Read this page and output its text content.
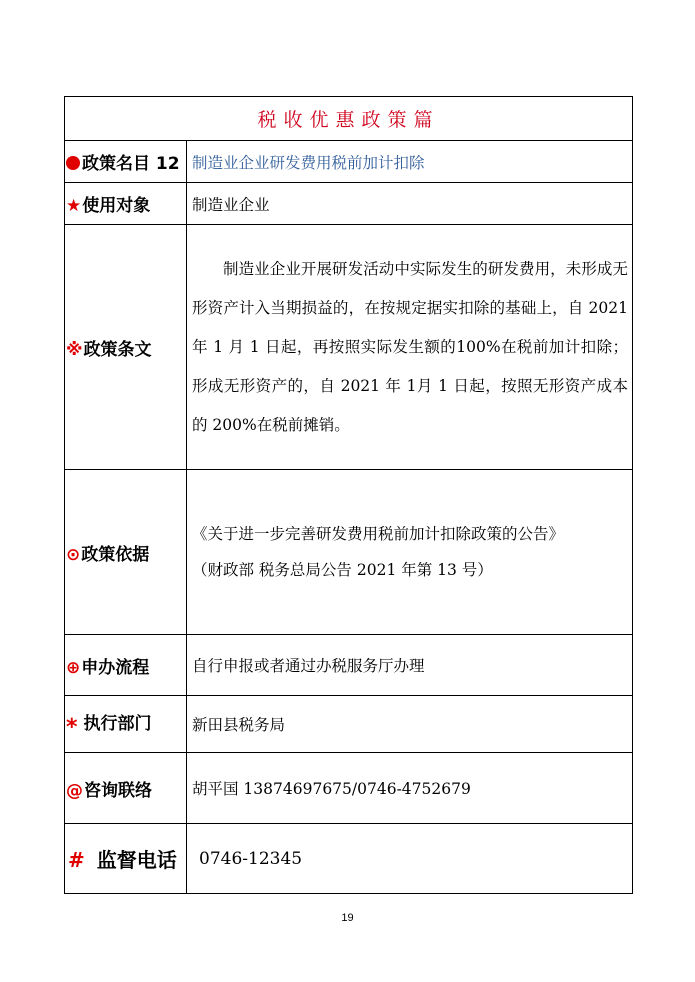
税收优惠政策篇	
政策名目 12	制造业企业研发费用税前加计扣除
★使用对象	制造业企业
※政策条文	制造业企业开展研发活动中实际发生的研发费用，未形成无形资产计入当期损益的，在按规定据实扣除的基础上，自 2021 年 1 月 1 日起，再按照实际发生额的100%在税前加计扣除；形成无形资产的，自 2021 年 1月 1 日起，按照无形资产成本的 200%在税前摊销。

⊙政策依据	《关于进一步完善研发费用税前加计扣除政策的公告》
（财政部 税务总局公告 2021 年第 13 号）

⊕申办流程	自行申报或者通过办税服务厅办理
* 执行部门	新田县税务局
@咨询联络	胡平国 13874697675/0746-4752679
# 监督电话	0746-12345
19
